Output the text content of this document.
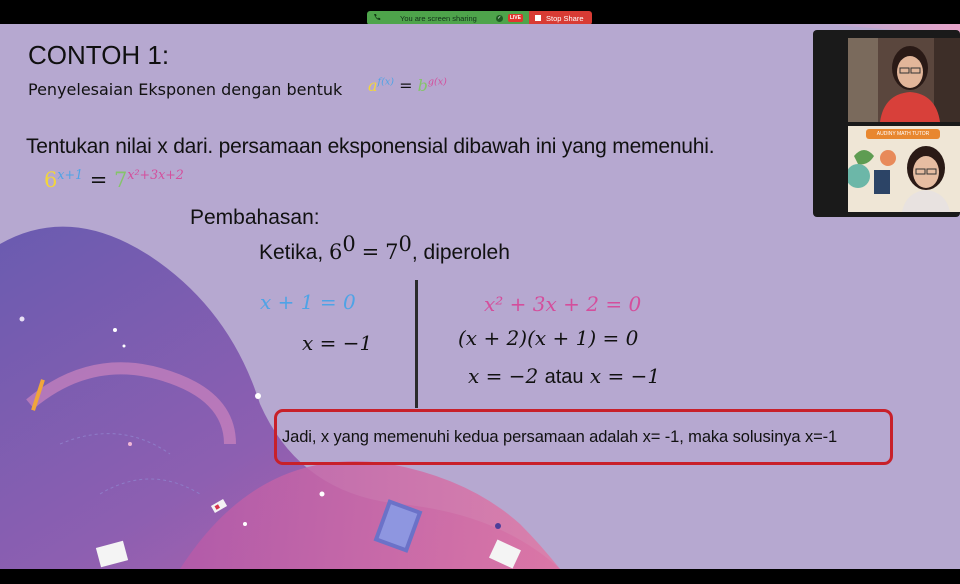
You are screen sharing	✓	LIVE	Stop Share
CONTOH 1:
Penyelesaian Eksponen dengan bentuk $a^{f(x)} = b^{g(x)}$
Tentukan nilai x dari. persamaan eksponensial dibawah ini yang memenuhi.
$6^{x+1} = 7^{x^2+3x+2}$
Pembahasan:
Ketika, $6^0 = 7^0$, diperoleh
x + 1 = 0
x = −1
x² + 3x + 2 = 0
(x + 2)(x + 1) = 0
x = −2 atau x = −1
Jadi, x yang memenuhi kedua persamaan adalah x= -1, maka solusinya x=-1
AUDINY MATH TUTOR
